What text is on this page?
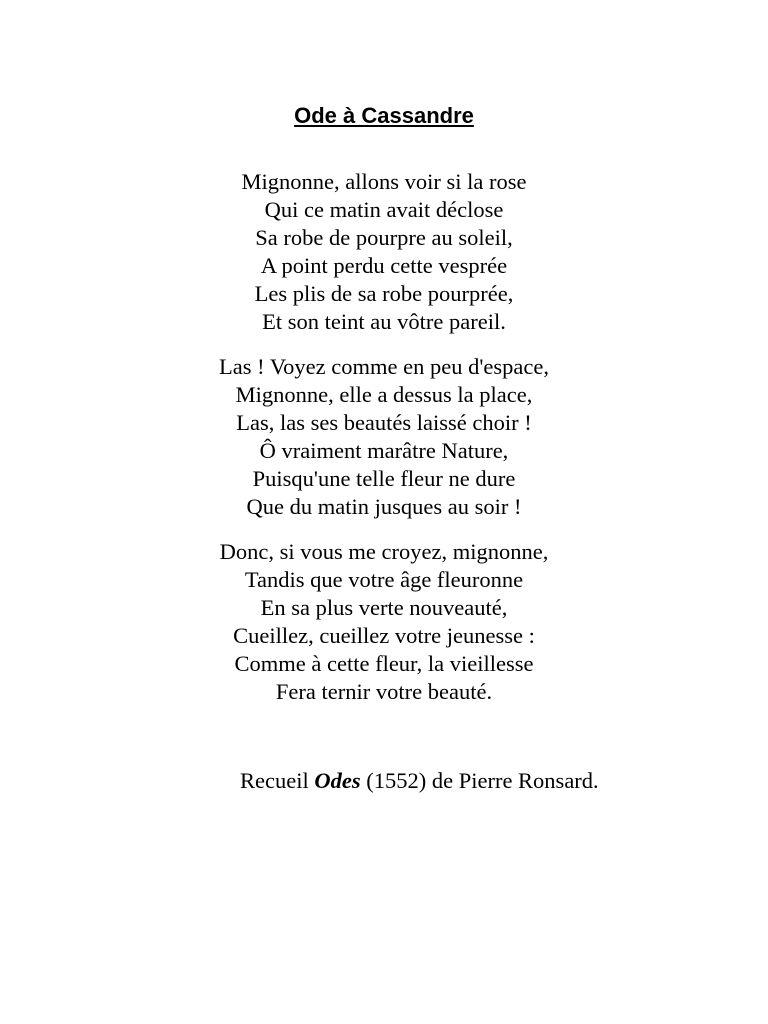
Ode à Cassandre
Mignonne, allons voir si la rose
Qui ce matin avait déclose
Sa robe de pourpre au soleil,
A point perdu cette vesprée
Les plis de sa robe pourprée,
Et son teint au vôtre pareil.
Las ! Voyez comme en peu d'espace,
Mignonne, elle a dessus la place,
Las, las ses beautés laissé choir !
Ô vraiment marâtre Nature,
Puisqu'une telle fleur ne dure
Que du matin jusques au soir !
Donc, si vous me croyez, mignonne,
Tandis que votre âge fleuronne
En sa plus verte nouveauté,
Cueillez, cueillez votre jeunesse :
Comme à cette fleur, la vieillesse
Fera ternir votre beauté.
Recueil Odes (1552) de Pierre Ronsard.
